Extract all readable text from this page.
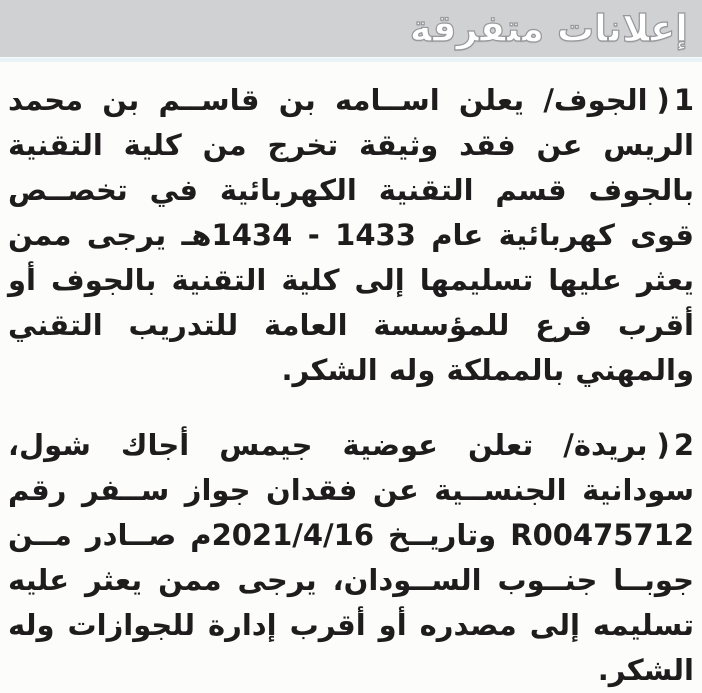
إعلانات متفرقة

1)الجوف/ يعلن اســامه بن قاســم بن محمد الريس عن فقد وثيقة تخرج من كلية التقنية بالجوف قسم التقنية الكهربائية في تخصــص قوى كهربائية عام 1433 - 1434هـ يرجى ممن يعثر عليها تسليمها إلى كلية التقنية بالجوف أو أقرب فرع للمؤسسة العامة للتدريب التقني والمهني بالمملكة وله الشكر.

2)بريدة/ تعلن عوضية جيمس أجاك شول، سودانية الجنســية عن فقدان جواز ســفر رقم R00475712 وتاريــخ 2021/4/16م صــادر مــن جوبــا جنــوب الســودان، يرجى ممن يعثر عليه تسليمه إلى مصدره أو أقرب إدارة للجوازات وله الشكر.
